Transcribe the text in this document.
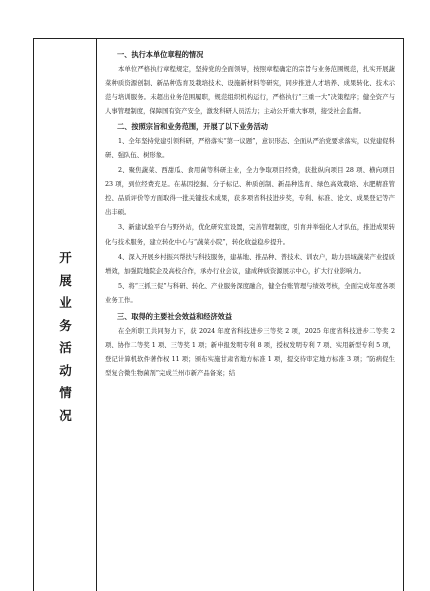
开
展
业
务
活
动
情
况
一、执行本单位章程的情况

本单位严格执行章程规定，坚持党的全面领导，按照章程确定的宗旨与业务范围规范，扎实开展蔬菜种质资源创制、新品种选育及栽培技术、设施新材料等研究，同步推进人才培养、成果转化、技术示范与培训服务。未超出业务范围履职，规范组织机构运行，严格执行“三重一大”决策程序；健全资产与人事管理制度，保障国有资产安全，激发科研人员活力；主动公开重大事项，接受社会监督。

二、按照宗旨和业务范围，开展了以下业务活动

1、全年坚持党建引领科研，严格落实“第一议题”，意识形态、全面从严治党要求落实，以党建促科研、强队伍、树形象。

2、聚焦蔬菜、西甜瓜、食用菌等科研主业，全力争取项目经费，获批纵向项目 28 项、横向项目 23 项，到位经费充足。在基因挖掘、分子标记、种质创制、新品种选育、绿色高效栽培、水肥精准管控、品质评价等方面取得一批关键技术成果，获多项省科技进步奖，专利、标准、论文、成果登记等产出丰硕。

3、新建试验平台与野外站，优化研究室设置，完善管理制度，引育并举强化人才队伍，推进成果转化与技术服务，建立转化中心与“蔬菜小院”，转化收益稳步提升。

4、深入开展乡村振兴帮扶与科技服务，建基地、推品种、普技术、训农户，助力县域蔬菜产业提质增效，加强院地院企及高校合作，承办行业会议，建成种质资源展示中心，扩大行业影响力。

5、将“三抓三促”与科研、转化、产业服务深度融合，健全台账管理与绩效考核，全面完成年度各项业务工作。

三、取得的主要社会效益和经济效益

在全所职工共同努力下，获 2024 年度省科技进步三等奖 2 项，2025 年度省科技进步二等奖 2 项、协作二等奖 1 项、三等奖 1 项；新申报发明专利 8 项，授权发明专利 7 项、实用新型专利 5 项，登记计算机软件著作权 11 项；颁布实施甘肃省地方标准 1 项，提交待审定地方标准 3 项；“防病促生型复合微生物菌剂”完成兰州市新产品备案；结
